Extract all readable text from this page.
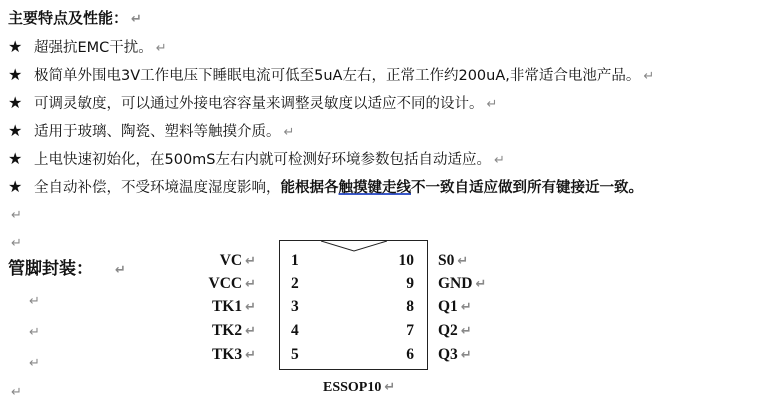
主要特点及性能： ↵
★ 超强抗EMC干扰。 ↵
★ 极简单外围电3V工作电压下睡眠电流可低至5uA左右，正常工作约200uA,非常适合电池产品。 ↵
★ 可调灵敏度，可以通过外接电容容量来调整灵敏度以适应不同的设计。 ↵
★ 适用于玻璃、陶瓷、塑料等触摸介质。 ↵
★ 上电快速初始化，在500mS左右内就可检测好环境参数包括自动适应。 ↵
★ 全自动补偿，不受环境温度湿度影响，能根据各触摸键走线不一致自适应做到所有键接近一致。
↵
↵
管脚封装： ↵
↵
↵
↵
↵
VC ↵
VCC ↵
TK1 ↵
TK2 ↵
TK3 ↵
1
2
3
4
5
10
9
8
7
6
S0 ↵
GND ↵
Q1 ↵
Q2 ↵
Q3 ↵
ESSOP10 ↵
